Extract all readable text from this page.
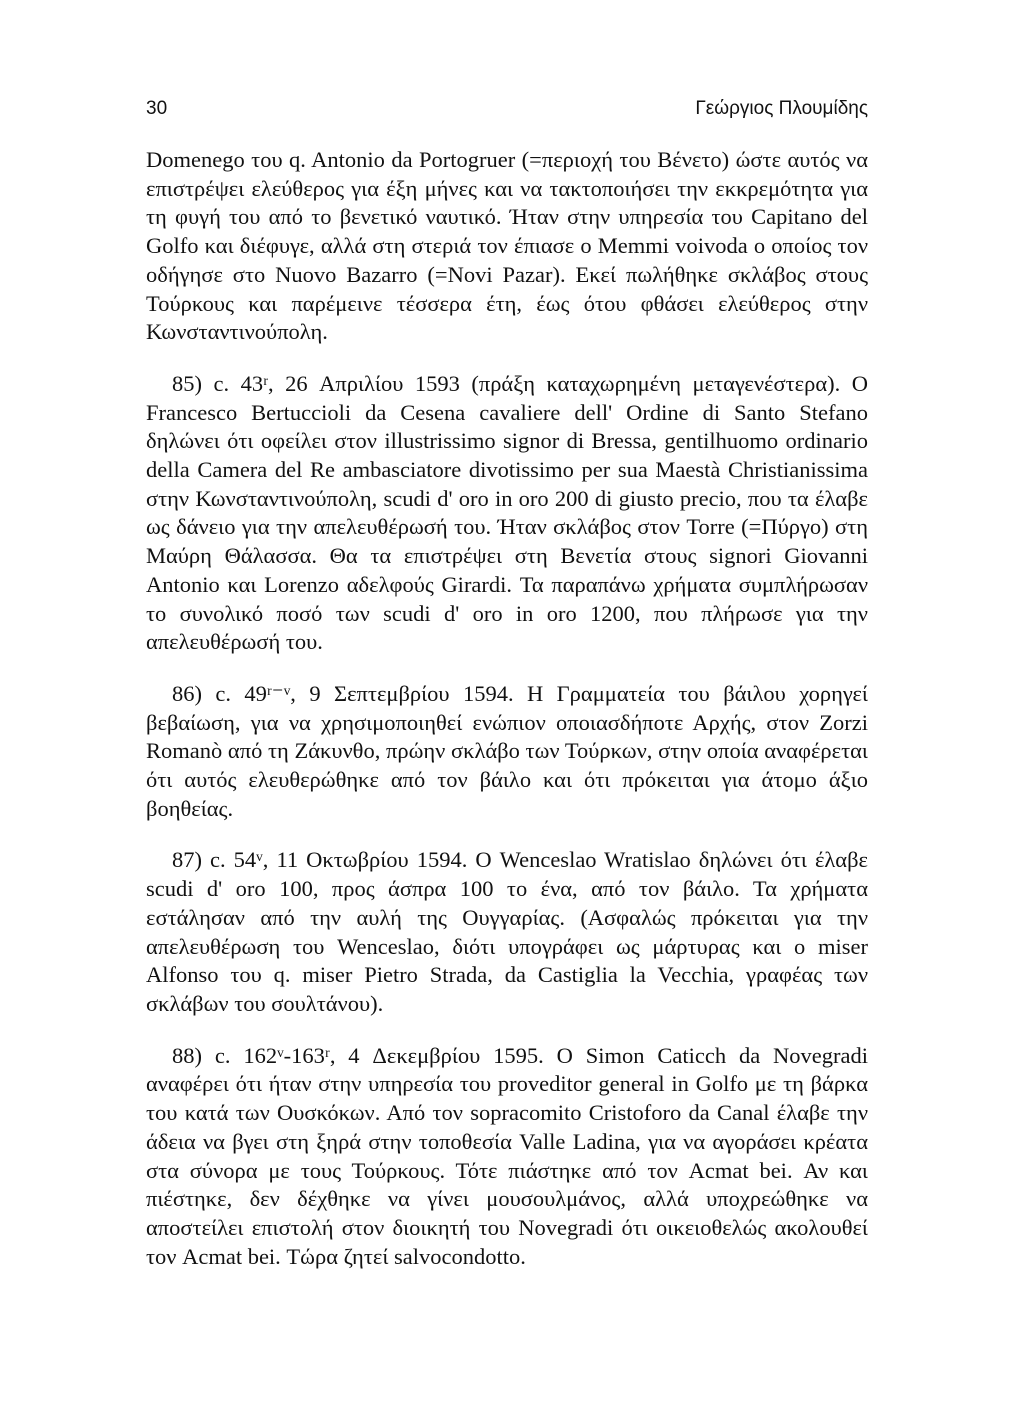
30	Γεώργιος Πλουμίδης

Domenego του q. Antonio da Portogruer (=περιοχή του Βένετο) ώστε αυτός να επιστρέψει ελεύθερος για έξη μήνες και να τακτοποιήσει την εκκρεμότητα για τη φυγή του από το βενετικό ναυτικό. Ήταν στην υπηρεσία του Capitano del Golfo και διέφυγε, αλλά στη στεριά τον έπιασε ο Memmi voivoda ο οποίος τον οδήγησε στο Nuovo Bazarro (=Novi Pazar). Εκεί πωλήθηκε σκλάβος στους Τούρκους και παρέμεινε τέσσερα έτη, έως ότου φθάσει ελεύθερος στην Κωνσταντινούπολη.

85) c. 43ʳ, 26 Απριλίου 1593 (πράξη καταχωρημένη μεταγενέστερα). Ο Francesco Bertuccioli da Cesena cavaliere dell' Ordine di Santo Stefano δηλώνει ότι οφείλει στον illustrissimo signor di Bressa, gentilhuomo ordinario della Camera del Re ambasciatore divotissimo per sua Maestà Christianissima στην Κωνσταντινούπολη, scudi d' oro in oro 200 di giusto precio, που τα έλαβε ως δάνειο για την απελευθέρωσή του. Ήταν σκλάβος στον Torre (=Πύργο) στη Μαύρη Θάλασσα. Θα τα επιστρέψει στη Βενετία στους signori Giovanni Antonio και Lorenzo αδελφούς Girardi. Τα παραπάνω χρήματα συμπλήρωσαν το συνολικό ποσό των scudi d' oro in oro 1200, που πλήρωσε για την απελευθέρωσή του.

86) c. 49ʳ⁻ᵛ, 9 Σεπτεμβρίου 1594. Η Γραμματεία του βάιλου χορηγεί βεβαίωση, για να χρησιμοποιηθεί ενώπιον οποιασδήποτε Αρχής, στον Zorzi Romanò από τη Ζάκυνθο, πρώην σκλάβο των Τούρκων, στην οποία αναφέρεται ότι αυτός ελευθερώθηκε από τον βάιλο και ότι πρόκειται για άτομο άξιο βοηθείας.

87) c. 54ᵛ, 11 Οκτωβρίου 1594. Ο Wenceslao Wratislao δηλώνει ότι έλαβε scudi d' oro 100, προς άσπρα 100 το ένα, από τον βάιλο. Τα χρήματα εστάλησαν από την αυλή της Ουγγαρίας. (Ασφαλώς πρόκειται για την απελευθέρωση του Wenceslao, διότι υπογράφει ως μάρτυρας και ο miser Alfonso του q. miser Pietro Strada, da Castiglia la Vecchia, γραφέας των σκλάβων του σουλτάνου).

88) c. 162ᵛ-163ʳ, 4 Δεκεμβρίου 1595. Ο Simon Caticch da Novegradi αναφέρει ότι ήταν στην υπηρεσία του proveditor general in Golfo με τη βάρκα του κατά των Ουσκόκων. Από τον sopracomito Cristoforo da Canal έλαβε την άδεια να βγει στη ξηρά στην τοποθεσία Valle Ladina, για να αγοράσει κρέατα στα σύνορα με τους Τούρκους. Τότε πιάστηκε από τον Acmat bei. Αν και πιέστηκε, δεν δέχθηκε να γίνει μουσουλμάνος, αλλά υποχρεώθηκε να αποστείλει επιστολή στον διοικητή του Novegradi ότι οικειοθελώς ακολουθεί τον Acmat bei. Τώρα ζητεί salvocondotto.
